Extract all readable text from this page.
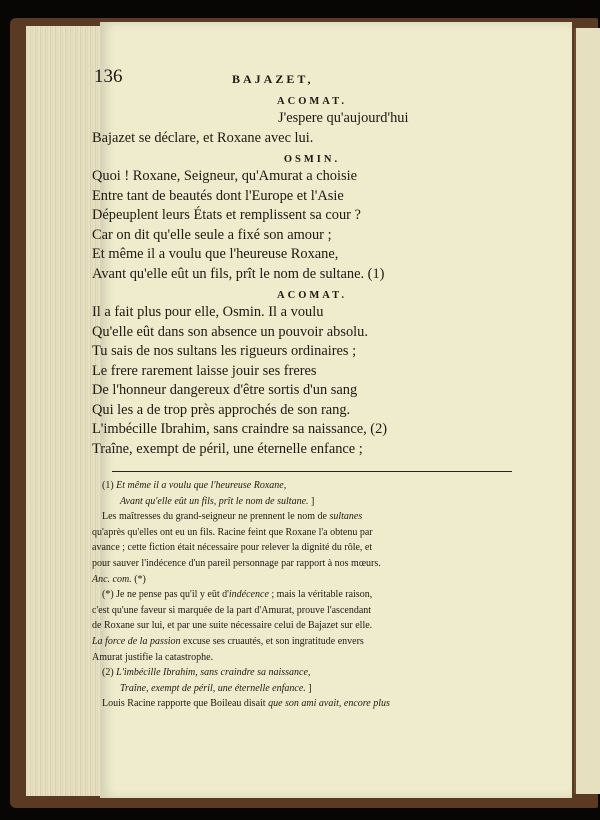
136	BAJAZET,
ACOMAT.
J'espere qu'aujourd'hui
Bajazet se déclare, et Roxane avec lui.
OSMIN.
Quoi ! Roxane, Seigneur, qu'Amurat a choisie
Entre tant de beautés dont l'Europe et l'Asie
Dépeuplent leurs États et remplissent sa cour ?
Car on dit qu'elle seule a fixé son amour ;
Et même il a voulu que l'heureuse Roxane,
Avant qu'elle eût un fils, prît le nom de sultane. (1)
ACOMAT.
Il a fait plus pour elle, Osmin. Il a voulu
Qu'elle eût dans son absence un pouvoir absolu.
Tu sais de nos sultans les rigueurs ordinaires ;
Le frere rarement laisse jouir ses freres
De l'honneur dangereux d'être sortis d'un sang
Qui les a de trop près approchés de son rang.
L'imbécille Ibrahim, sans craindre sa naissance, (2)
Traîne, exempt de péril, une éternelle enfance ;
(1) Et même il a voulu que l'heureuse Roxane,
Avant qu'elle eût un fils, prît le nom de sultane. ]
Les maîtresses du grand-seigneur ne prennent le nom de sultanes
qu'après qu'elles ont eu un fils. Racine feint que Roxane l'a obtenu par
avance ; cette fiction était nécessaire pour relever la dignité du rôle, et
pour sauver l'indécence d'un pareil personnage par rapport à nos mœurs.
Anc. com. (*)
(*) Je ne pense pas qu'il y eût d'indécence ; mais la véritable raison,
c'est qu'une faveur si marquée de la part d'Amurat, prouve l'ascendant
de Roxane sur lui, et par une suite nécessaire celui de Bajazet sur elle.
La force de la passion excuse ses cruautés, et son ingratitude envers
Amurat justifie la catastrophe.
(2) L'imbécille Ibrahim, sans craindre sa naissance,
Traîne, exempt de péril, une éternelle enfance. ]
Louis Racine rapporte que Boileau disait que son ami avait, encore plus
